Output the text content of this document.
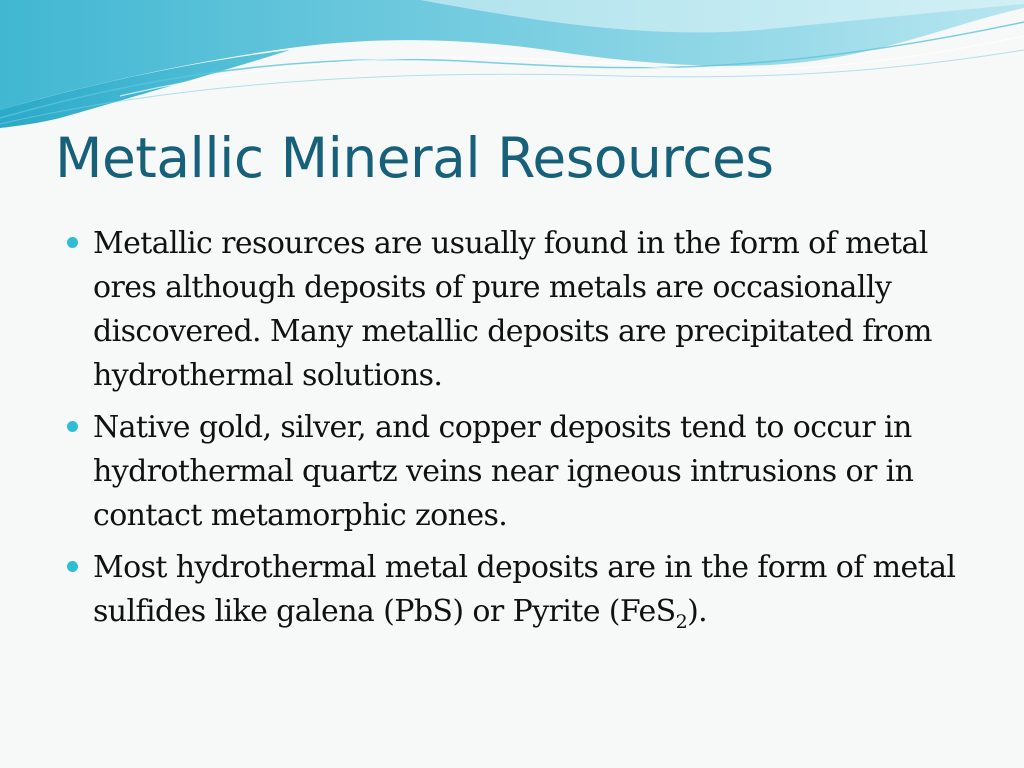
Metallic Mineral Resources
Metallic resources are usually found in the form of metal ores although deposits of pure metals are occasionally discovered. Many metallic deposits are precipitated from hydrothermal solutions.
Native gold, silver, and copper deposits tend to occur in hydrothermal quartz veins near igneous intrusions or in contact metamorphic zones.
Most hydrothermal metal deposits are in the form of metal sulfides like galena (PbS) or Pyrite (FeS$_2$).
